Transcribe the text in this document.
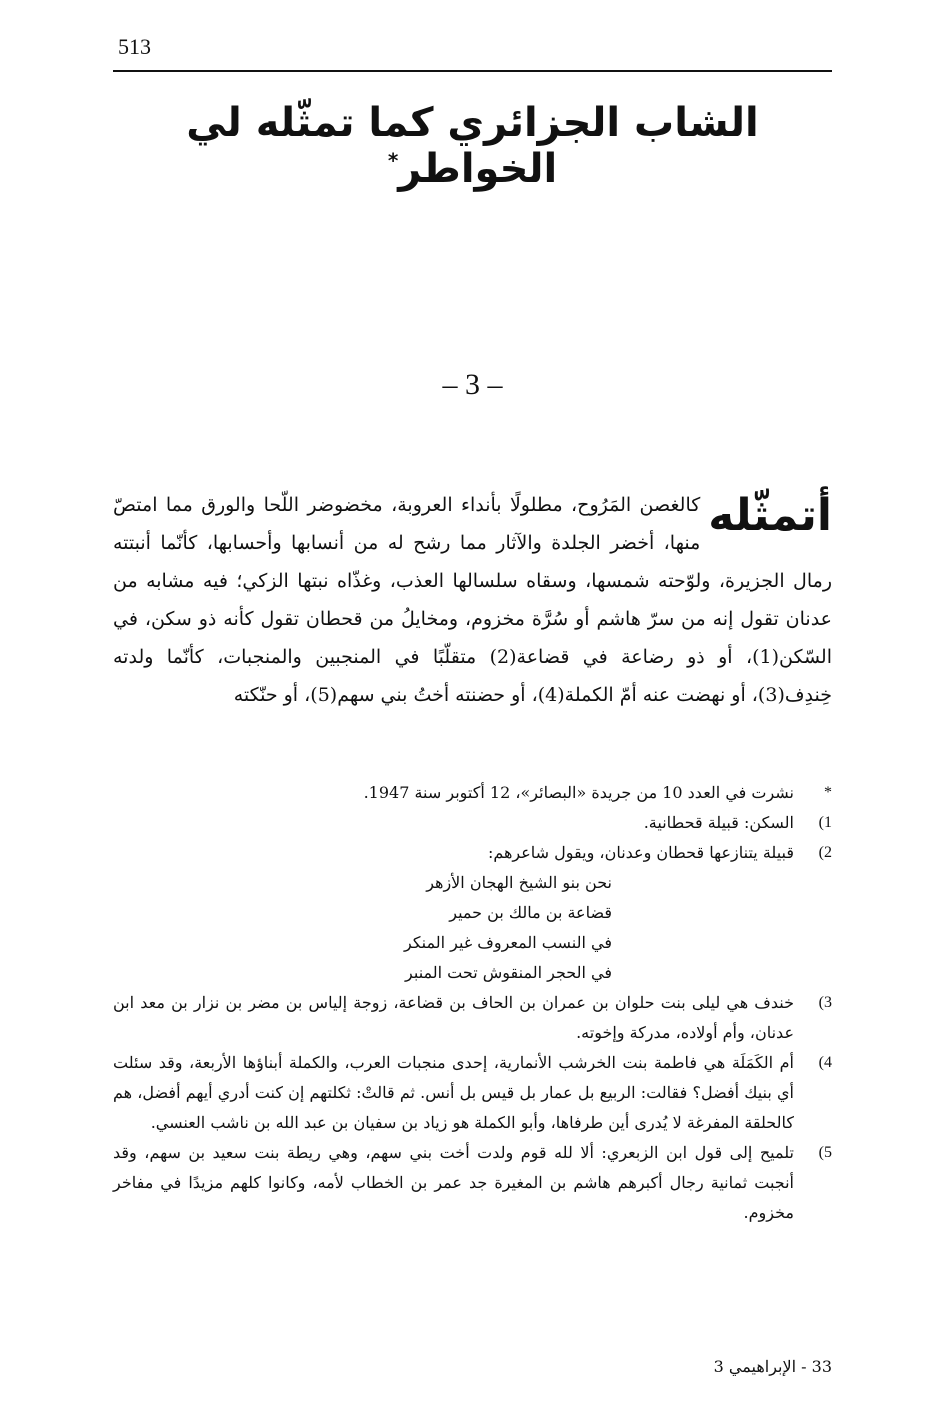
513
الشاب الجزائري كما تمثّله لي الخواطر*
– 3 –
أتمثّله
كالغصن المَرُوح، مطلولًا بأنداء العروبة، مخضوضر اللّحا والورق مما امتصّ منها، أخضر الجلدة والآثار مما رشح له من أنسابها وأحسابها، كأنّما أنبتته رمال الجزيرة، ولوّحته شمسها، وسقاه سلسالها العذب، وغذّاه نبتها الزكي؛ فيه مشابه من عدنان تقول إنه من سرّ هاشم أو سُرَّة مخزوم، ومخايلُ من قحطان تقول كأنه ذو سكن، في السّكن(1)، أو ذو رضاعة في قضاعة(2) متقلّبًا في المنجبين والمنجبات، كأنّما ولدته خِندِف(3)، أو نهضت عنه أمّ الكملة(4)، أو حضنته أختُ بني سهم(5)، أو حنّكته
*
نشرت في العدد 10 من جريدة «البصائر»، 12 أكتوبر سنة 1947.
1)
السكن: قبيلة قحطانية.
2)
قبيلة يتنازعها قحطان وعدنان، ويقول شاعرهم:
نحن بنو الشيخ الهجان الأزهر
قضاعة بن مالك بن حمير
في النسب المعروف غير المنكر
في الحجر المنقوش تحت المنبر
3)
خندف هي ليلى بنت حلوان بن عمران بن الحاف بن قضاعة، زوجة إلياس بن مضر بن نزار بن معد ابن عدنان، وأم أولاده، مدركة وإخوته.
4)
أم الكَمَلَة هي فاطمة بنت الخرشب الأنمارية، إحدى منجبات العرب، والكملة أبناؤها الأربعة، وقد سئلت أي بنيك أفضل؟ فقالت: الربيع بل عمار بل قيس بل أنس. ثم قالتْ: ثكلتهم إن كنت أدري أيهم أفضل، هم كالحلقة المفرغة لا يُدرى أين طرفاها، وأبو الكملة هو زياد بن سفيان بن عبد الله بن ناشب العنسي.
5)
تلميح إلى قول ابن الزبعري: ألا لله قوم ولدت أخت بني سهم، وهي ريطة بنت سعيد بن سهم، وقد أنجبت ثمانية رجال أكبرهم هاشم بن المغيرة جد عمر بن الخطاب لأمه، وكانوا كلهم مزيدًا في مفاخر مخزوم.
33 - الإبراهيمي 3
